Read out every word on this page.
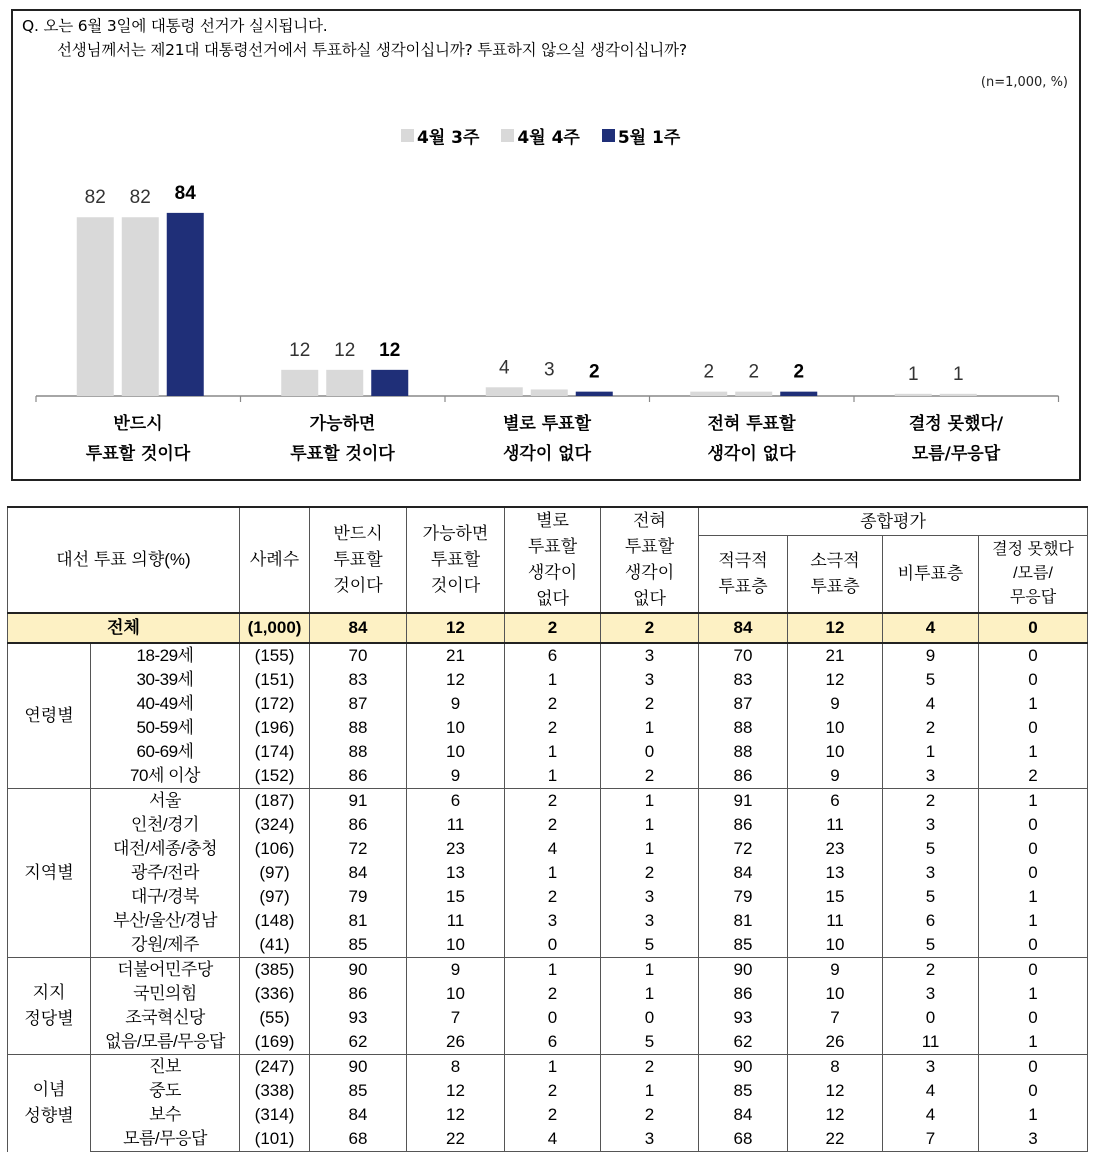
Q. 오는 6월 3일에 대통령 선거가 실시됩니다.
선생님께서는 제21대 대통령선거에서 투표하실 생각이십니까? 투표하지 않으실 생각이십니까?
(n=1,000, %)
4월 3주 4월 4주 5월 1주
82 82 84
12 12 12
4 3 2	2 2 2	1 1
반드시
투표할 것이다
가능하면
투표할 것이다
별로 투표할
생각이 없다
전혀 투표할
생각이 없다
결정 못했다/
모름/무응답
대선 투표 의향(%)		사례수	반드시
투표할
것이다	가능하면
투표할
것이다	별로
투표할
생각이
없다	전혀
투표할
생각이
없다	종합평가			
							적극적
투표층	소극적
투표층	비투표층	결정 못했다
/모름/
무응답
전체		(1,000)	84	12	2	2	84	12	4	0
연령별	18-29세	(155)	70	21	6	3	70	21	9	0
	30-39세	(151)	83	12	1	3	83	12	5	0
	40-49세	(172)	87	9	2	2	87	9	4	1
	50-59세	(196)	88	10	2	1	88	10	2	0
	60-69세	(174)	88	10	1	0	88	10	1	1
	70세 이상	(152)	86	9	1	2	86	9	3	2
지역별	서울	(187)	91	6	2	1	91	6	2	1
	인천/경기	(324)	86	11	2	1	86	11	3	0
	대전/세종/충청	(106)	72	23	4	1	72	23	5	0
	광주/전라	(97)	84	13	1	2	84	13	3	0
	대구/경북	(97)	79	15	2	3	79	15	5	1
	부산/울산/경남	(148)	81	11	3	3	81	11	6	1
	강원/제주	(41)	85	10	0	5	85	10	5	0
지지
정당별	더불어민주당	(385)	90	9	1	1	90	9	2	0
	국민의힘	(336)	86	10	2	1	86	10	3	1
	조국혁신당	(55)	93	7	0	0	93	7	0	0
	없음/모름/무응답	(169)	62	26	6	5	62	26	11	1
이념
성향별	진보	(247)	90	8	1	2	90	8	3	0
	중도	(338)	85	12	2	1	85	12	4	0
	보수	(314)	84	12	2	2	84	12	4	1
	모름/무응답	(101)	68	22	4	3	68	22	7	3
